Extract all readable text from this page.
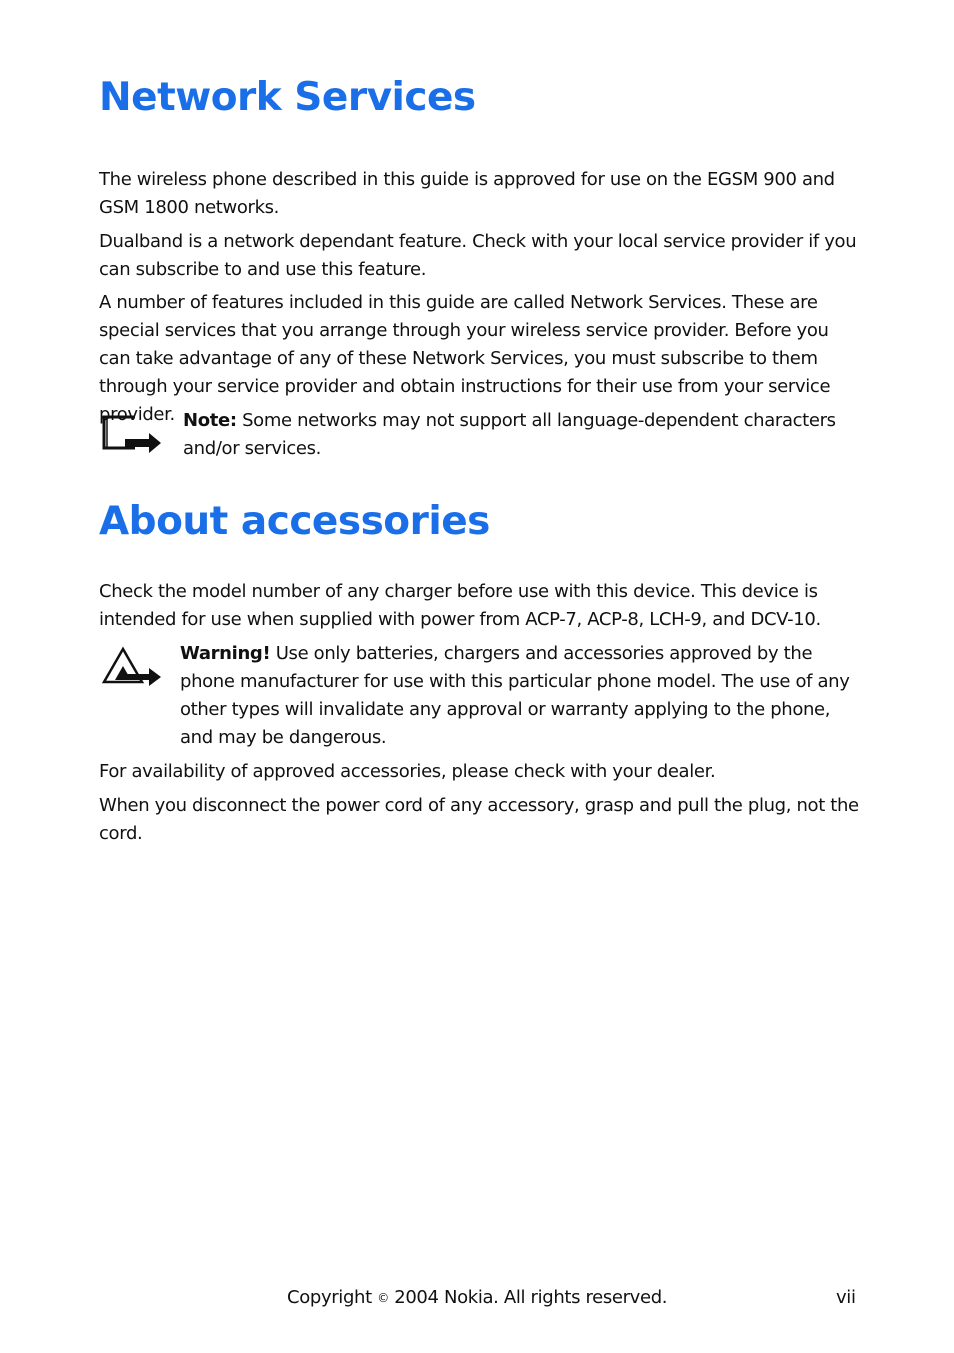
Network Services

The wireless phone described in this guide is approved for use on the EGSM 900 and GSM 1800 networks.

Dualband is a network dependant feature. Check with your local service provider if you can subscribe to and use this feature.

A number of features included in this guide are called Network Services. These are special services that you arrange through your wireless service provider. Before you can take advantage of any of these Network Services, you must subscribe to them through your service provider and obtain instructions for their use from your service provider. Note: Some networks may not support all language-dependent characters and/or services.

About accessories

Check the model number of any charger before use with this device. This device is intended for use when supplied with power from ACP-7, ACP-8, LCH-9, and DCV-10.

Warning! Use only batteries, chargers and accessories approved by the phone manufacturer for use with this particular phone model. The use of any other types will invalidate any approval or warranty applying to the phone, and may be dangerous.

For availability of approved accessories, please check with your dealer.

When you disconnect the power cord of any accessory, grasp and pull the plug, not the cord.

Copyright © 2004 Nokia. All rights reserved.	vii
